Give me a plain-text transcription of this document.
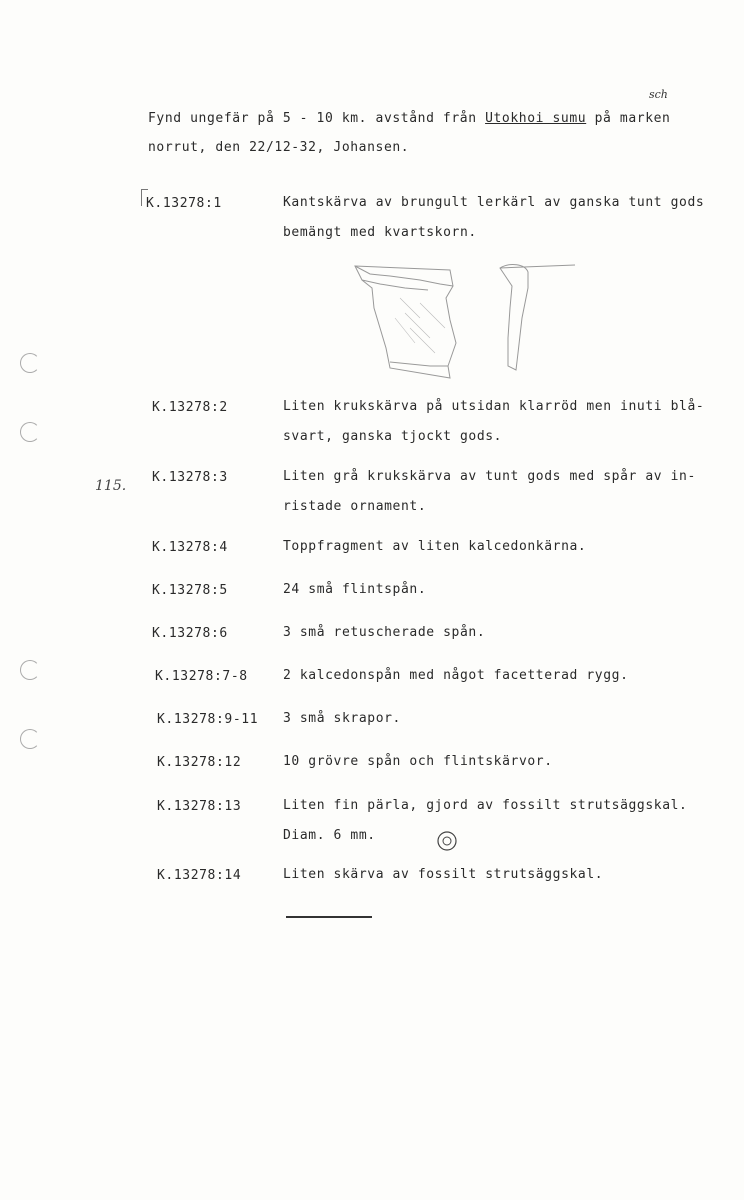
sch
Fynd ungefär på 5 - 10 km. avstånd från Utokhoi sumu på marken
norrut, den 22/12-32, Johansen.
K.13278:1	Kantskärva av brungult lerkärl av ganska tunt gods
bemängt med kvartskorn.
K.13278:2	Liten krukskärva på utsidan klarröd men inuti blå-
svart, ganska tjockt gods.
115.
K.13278:3	Liten grå krukskärva av tunt gods med spår av in-
ristade ornament.
K.13278:4	Toppfragment av liten kalcedonkärna.
K.13278:5	24 små flintspån.
K.13278:6	3 små retuscherade spån.
K.13278:7-8	2 kalcedonspån med något facetterad rygg.
K.13278:9-11 3 små skrapor.
K.13278:12	10 grövre spån och flintskärvor.
K.13278:13	Liten fin pärla, gjord av fossilt strutsäggskal.
Diam. 6 mm.
K.13278:14	Liten skärva av fossilt strutsäggskal.
